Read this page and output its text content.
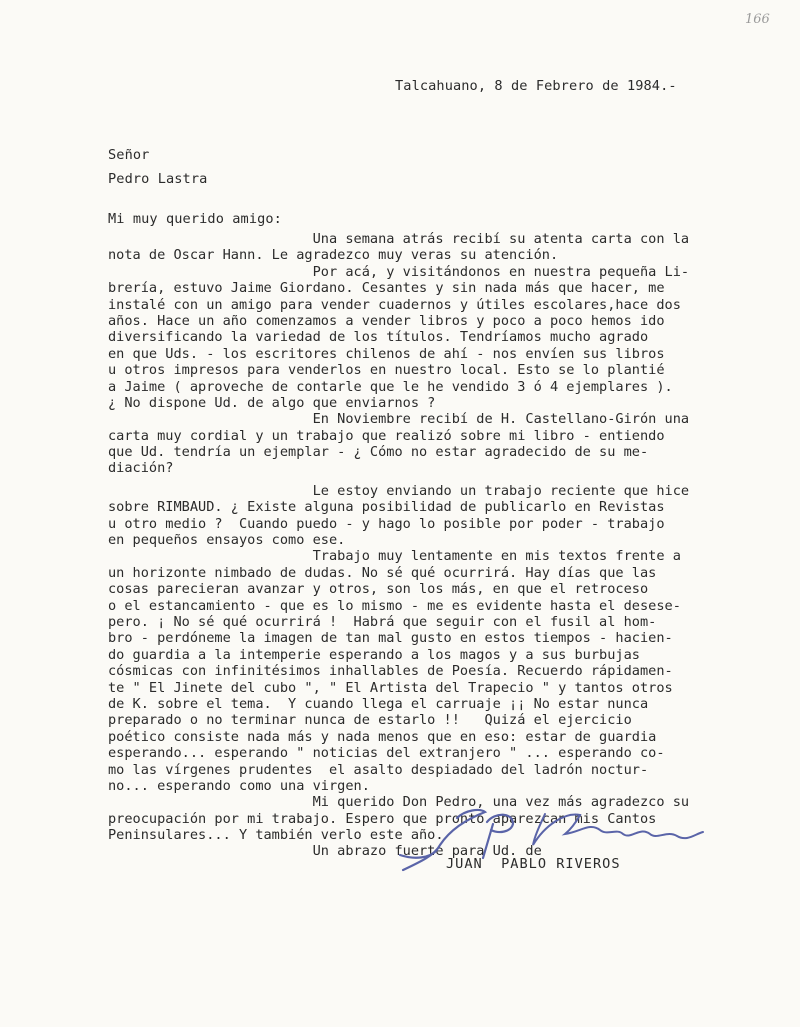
166
Talcahuano, 8 de Febrero de 1984.-
Señor
Pedro Lastra
Mi muy querido amigo:
Una semana atrás recibí su atenta carta con la
nota de Oscar Hann. Le agradezco muy veras su atención.
Por acá, y visitándonos en nuestra pequeña Li-
brería, estuvo Jaime Giordano. Cesantes y sin nada más que hacer, me
instalé con un amigo para vender cuadernos y útiles escolares,hace dos
años. Hace un año comenzamos a vender libros y poco a poco hemos ido
diversificando la variedad de los títulos. Tendríamos mucho agrado
en que Uds. - los escritores chilenos de ahí - nos envíen sus libros
u otros impresos para venderlos en nuestro local. Esto se lo plantié
a Jaime ( aproveche de contarle que le he vendido 3 ó 4 ejemplares ).
¿ No dispone Ud. de algo que enviarnos ?
En Noviembre recibí de H. Castellano-Girón una
carta muy cordial y un trabajo que realizó sobre mi libro - entiendo
que Ud. tendría un ejemplar - ¿ Cómo no estar agradecido de su me-
diación?
Le estoy enviando un trabajo reciente que hice
sobre RIMBAUD. ¿ Existe alguna posibilidad de publicarlo en Revistas
u otro medio ?  Cuando puedo - y hago lo posible por poder - trabajo
en pequeños ensayos como ese.
Trabajo muy lentamente en mis textos frente a
un horizonte nimbado de dudas. No sé qué ocurrirá. Hay días que las
cosas parecieran avanzar y otros, son los más, en que el retroceso
o el estancamiento - que es lo mismo - me es evidente hasta el desese-
pero. ¡ No sé qué ocurrirá !  Habrá que seguir con el fusil al hom-
bro - perdóneme la imagen de tan mal gusto en estos tiempos - hacien-
do guardia a la intemperie esperando a los magos y a sus burbujas
cósmicas con infinitésimos inhallables de Poesía. Recuerdo rápidamen-
te " El Jinete del cubo ", " El Artista del Trapecio " y tantos otros
de K. sobre el tema.  Y cuando llega el carruaje ¡¡ No estar nunca
preparado o no terminar nunca de estarlo !!   Quizá el ejercicio
poético consiste nada más y nada menos que en eso: estar de guardia
esperando... esperando " noticias del extranjero " ... esperando co-
mo las vírgenes prudentes  el asalto despiadado del ladrón noctur-
no... esperando como una virgen.
Mi querido Don Pedro, una vez más agradezco su
preocupación por mi trabajo. Espero que pronto aparezcan mis Cantos
Peninsulares... Y también verlo este año.
Un abrazo fuerte para Ud. de
JUAN  PABLO RIVEROS
